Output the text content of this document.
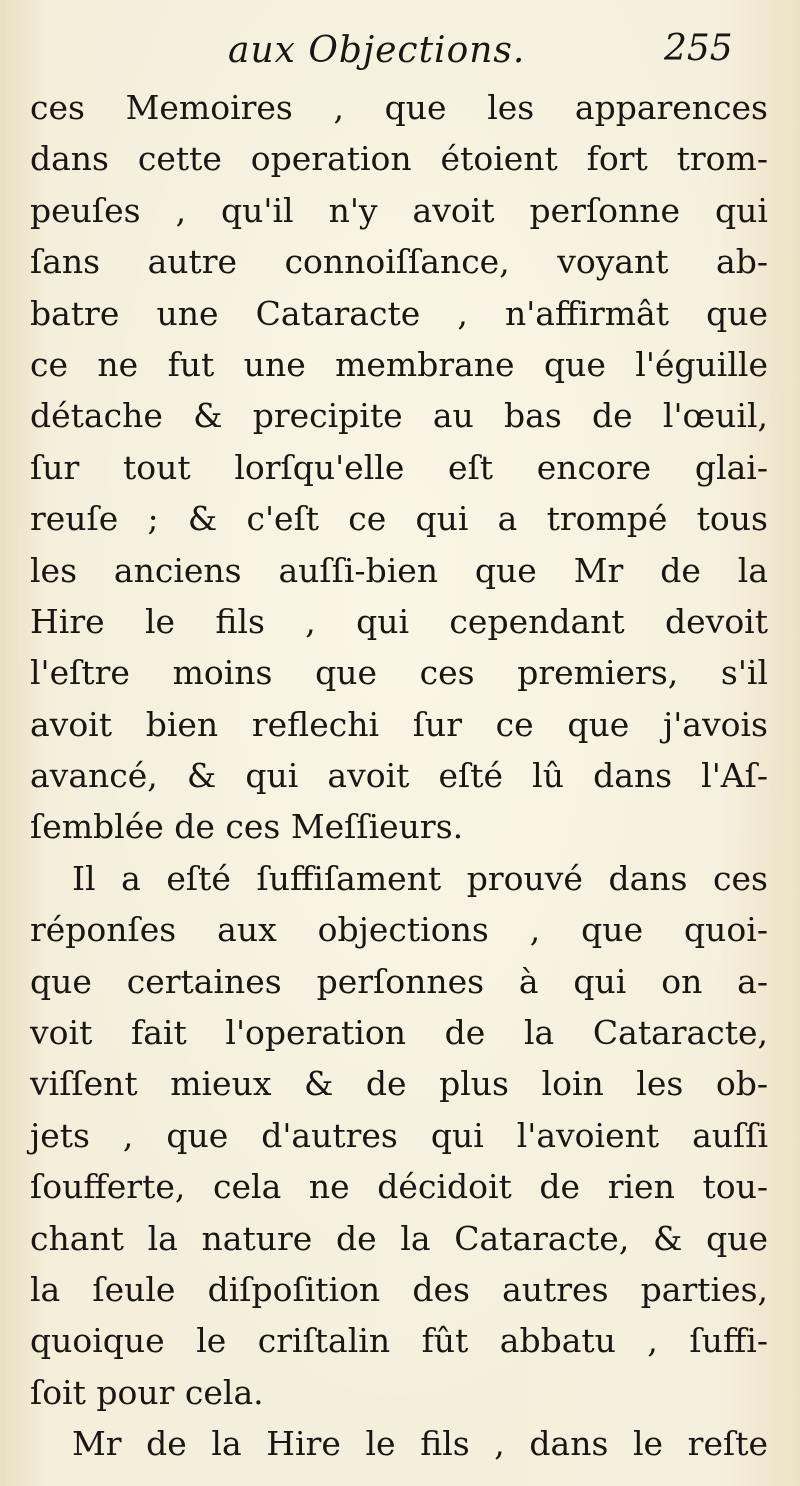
aux Objections.	255
ces Memoires , que les apparences
dans cette operation étoient fort trom-
peuſes , qu'il n'y avoit perſonne qui
ſans autre connoiſſance, voyant ab-
batre une Cataracte , n'affirmât que
ce ne fut une membrane que l'éguille
détache & precipite au bas de l'œuil,
ſur tout lorſqu'elle eſt encore glai-
reuſe ; & c'eſt ce qui a trompé tous
les anciens auſſi-bien que Mr de la
Hire le fils , qui cependant devoit
l'eſtre moins que ces premiers, s'il
avoit bien reflechi ſur ce que j'avois
avancé, & qui avoit eſté lû dans l'Aſ-
ſemblée de ces Meſſieurs.
Il a eſté ſuffiſament prouvé dans ces
réponſes aux objections , que quoi-
que certaines perſonnes à qui on a-
voit fait l'operation de la Cataracte,
viſſent mieux & de plus loin les ob-
jets , que d'autres qui l'avoient auſſi
ſoufferte, cela ne décidoit de rien tou-
chant la nature de la Cataracte, & que
la ſeule diſpoſition des autres parties,
quoique le criſtalin fût abbatu , ſuffi-
ſoit pour cela.
Mr de la Hire le fils , dans le reſte
